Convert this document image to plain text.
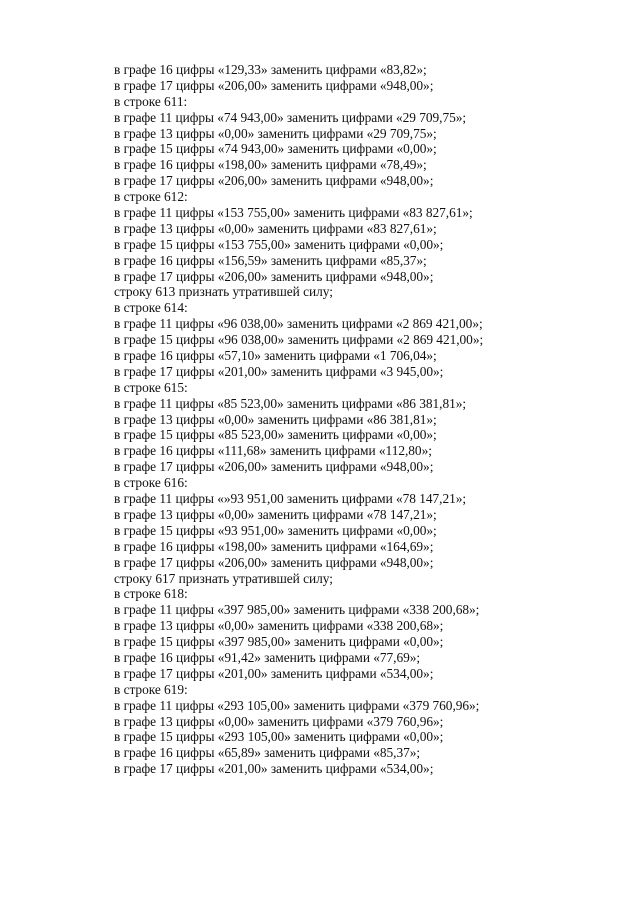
в графе 16 цифры «129,33» заменить цифрами «83,82»;
в графе 17 цифры «206,00» заменить цифрами «948,00»;
в строке 611:
в графе 11 цифры «74 943,00» заменить цифрами «29 709,75»;
в графе 13 цифры «0,00» заменить цифрами «29 709,75»;
в графе 15 цифры «74 943,00» заменить цифрами «0,00»;
в графе 16 цифры «198,00» заменить цифрами «78,49»;
в графе 17 цифры «206,00» заменить цифрами «948,00»;
в строке 612:
в графе 11 цифры «153 755,00» заменить цифрами «83 827,61»;
в графе 13 цифры «0,00» заменить цифрами «83 827,61»;
в графе 15 цифры «153 755,00» заменить цифрами «0,00»;
в графе 16 цифры «156,59» заменить цифрами «85,37»;
в графе 17 цифры «206,00» заменить цифрами «948,00»;
строку 613 признать утратившей силу;
в строке 614:
в графе 11 цифры «96 038,00» заменить цифрами «2 869 421,00»;
в графе 15 цифры «96 038,00» заменить цифрами «2 869 421,00»;
в графе 16 цифры «57,10» заменить цифрами «1 706,04»;
в графе 17 цифры «201,00» заменить цифрами «3 945,00»;
в строке 615:
в графе 11 цифры «85 523,00» заменить цифрами «86 381,81»;
в графе 13 цифры «0,00» заменить цифрами «86 381,81»;
в графе 15 цифры «85 523,00» заменить цифрами «0,00»;
в графе 16 цифры «111,68» заменить цифрами «112,80»;
в графе 17 цифры «206,00» заменить цифрами «948,00»;
в строке 616:
в графе 11 цифры «»93 951,00 заменить цифрами «78 147,21»;
в графе 13 цифры «0,00» заменить цифрами «78 147,21»;
в графе 15 цифры «93 951,00» заменить цифрами «0,00»;
в графе 16 цифры «198,00» заменить цифрами «164,69»;
в графе 17 цифры «206,00» заменить цифрами «948,00»;
строку 617 признать утратившей силу;
в строке 618:
в графе 11 цифры «397 985,00» заменить цифрами «338 200,68»;
в графе 13 цифры «0,00» заменить цифрами «338 200,68»;
в графе 15 цифры «397 985,00» заменить цифрами «0,00»;
в графе 16 цифры «91,42» заменить цифрами «77,69»;
в графе 17 цифры «201,00» заменить цифрами «534,00»;
в строке 619:
в графе 11 цифры «293 105,00» заменить цифрами «379 760,96»;
в графе 13 цифры «0,00» заменить цифрами «379 760,96»;
в графе 15 цифры «293 105,00» заменить цифрами «0,00»;
в графе 16 цифры «65,89» заменить цифрами «85,37»;
в графе 17 цифры «201,00» заменить цифрами «534,00»;
